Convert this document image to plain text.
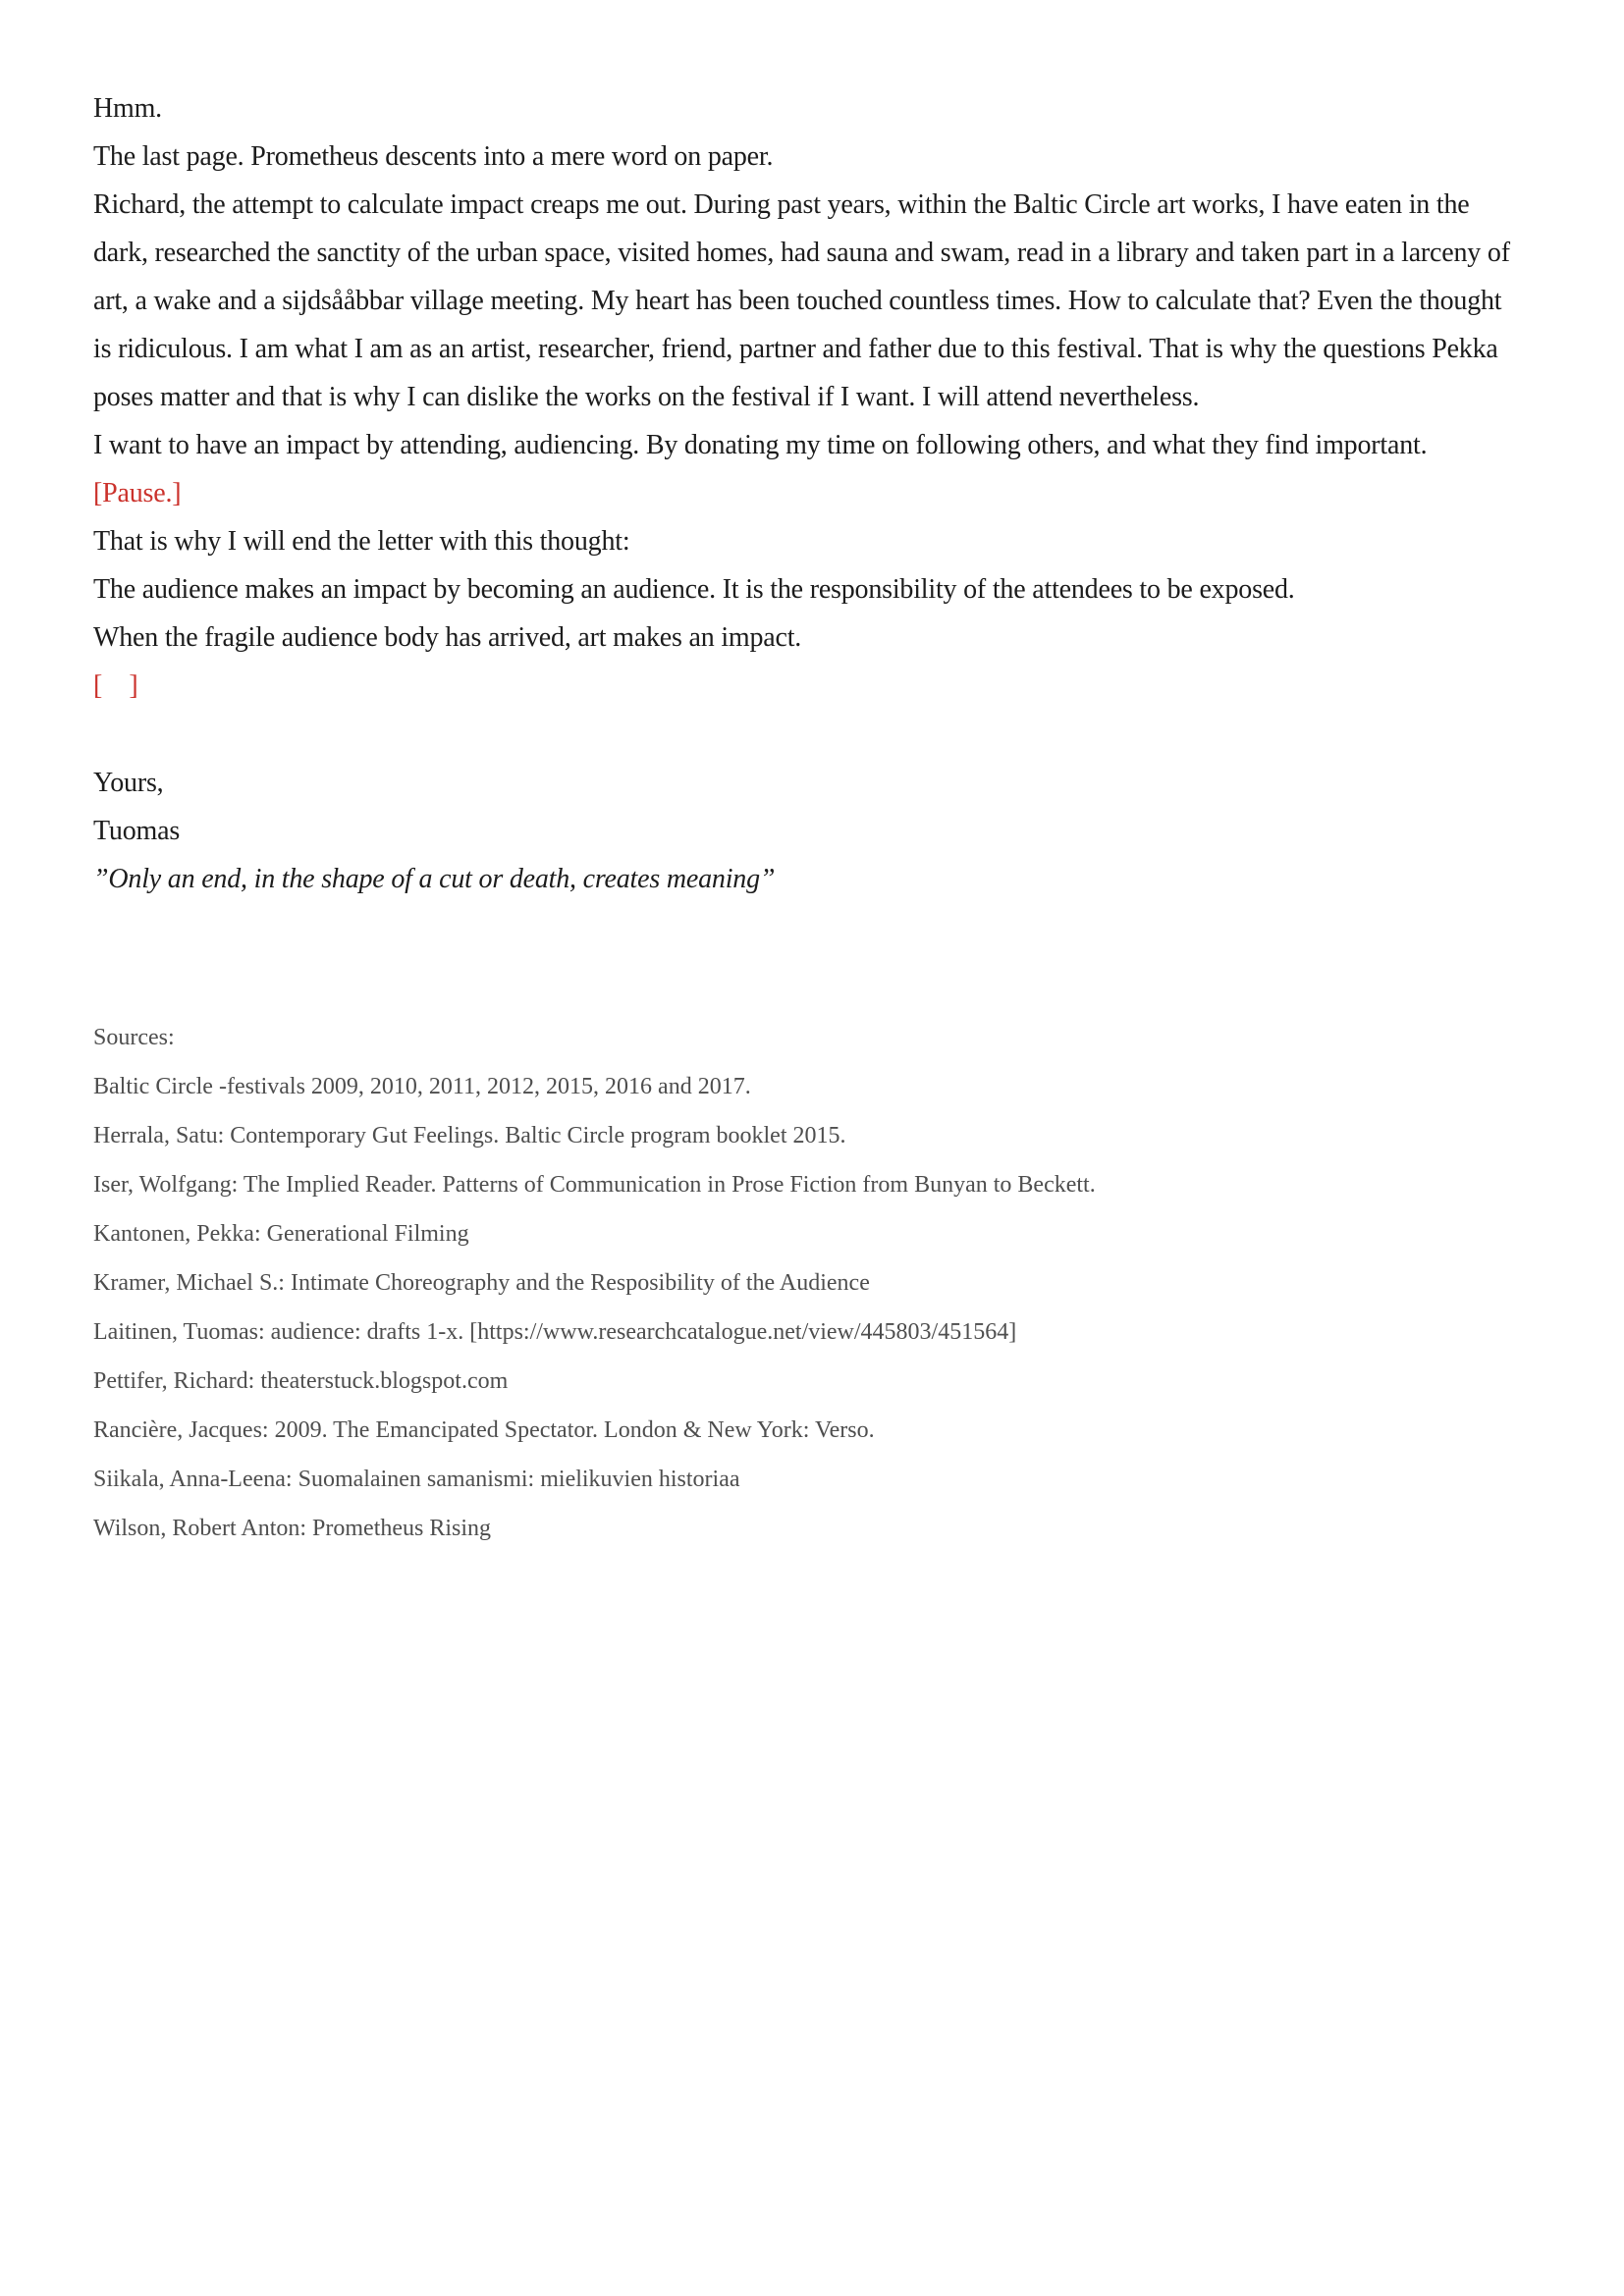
Hmm.

The last page. Prometheus descents into a mere word on paper.

Richard, the attempt to calculate impact creaps me out. During past years, within the Baltic Circle art works, I have eaten in the dark, researched the sanctity of the urban space, visited homes, had sauna and swam, read in a library and taken part in a larceny of art, a wake and a sijdsååbbar village meeting. My heart has been touched countless times. How to calculate that? Even the thought is ridiculous. I am what I am as an artist, researcher, friend, partner and father due to this festival. That is why the questions Pekka poses matter and that is why I can dislike the works on the festival if I want. I will attend nevertheless.

I want to have an impact by attending, audiencing. By donating my time on following others, and what they find important.

[Pause.]

That is why I will end the letter with this thought:

The audience makes an impact by becoming an audience. It is the responsibility of the attendees to be exposed.

When the fragile audience body has arrived, art makes an impact.

[    ]

Yours,

Tuomas

”Only an end, in the shape of a cut or death, creates meaning”

Sources:

Baltic Circle -festivals 2009, 2010, 2011, 2012, 2015, 2016 and 2017.

Herrala, Satu: Contemporary Gut Feelings. Baltic Circle program booklet 2015.

Iser, Wolfgang: The Implied Reader. Patterns of Communication in Prose Fiction from Bunyan to Beckett.

Kantonen, Pekka: Generational Filming

Kramer, Michael S.: Intimate Choreography and the Resposibility of the Audience

Laitinen, Tuomas: audience: drafts 1-x. [https://www.researchcatalogue.net/view/445803/451564]

Pettifer, Richard: theaterstuck.blogspot.com

Rancière, Jacques: 2009. The Emancipated Spectator. London & New York: Verso.

Siikala, Anna-Leena: Suomalainen samanismi: mielikuvien historiaa

Wilson, Robert Anton: Prometheus Rising
